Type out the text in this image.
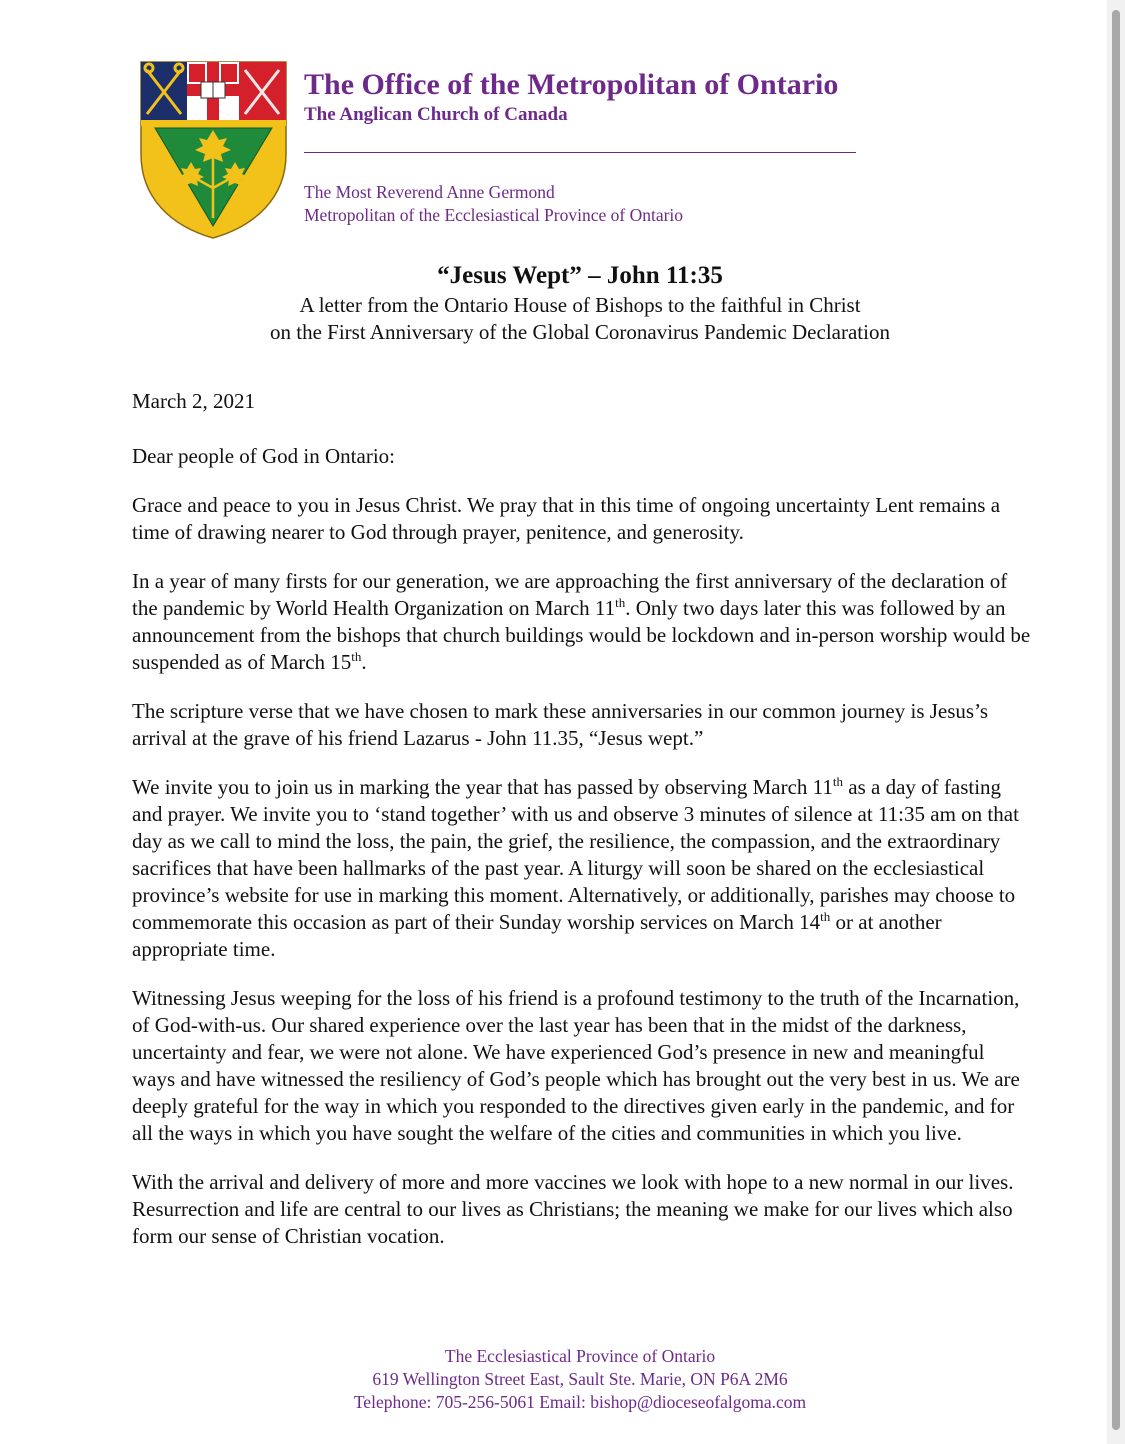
The Office of the Metropolitan of Ontario
The Anglican Church of Canada
The Most Reverend Anne Germond
Metropolitan of the Ecclesiastical Province of Ontario
“Jesus Wept” – John 11:35
A letter from the Ontario House of Bishops to the faithful in Christ
on the First Anniversary of the Global Coronavirus Pandemic Declaration

March 2, 2021

Dear people of God in Ontario:

Grace and peace to you in Jesus Christ. We pray that in this time of ongoing uncertainty Lent remains a time of drawing nearer to God through prayer, penitence, and generosity.

In a year of many firsts for our generation, we are approaching the first anniversary of the declaration of the pandemic by World Health Organization on March 11th. Only two days later this was followed by an announcement from the bishops that church buildings would be lockdown and in-person worship would be suspended as of March 15th.

The scripture verse that we have chosen to mark these anniversaries in our common journey is Jesus’s arrival at the grave of his friend Lazarus - John 11.35, “Jesus wept.”

We invite you to join us in marking the year that has passed by observing March 11th as a day of fasting and prayer. We invite you to ‘stand together’ with us and observe 3 minutes of silence at 11:35 am on that day as we call to mind the loss, the pain, the grief, the resilience, the compassion, and the extraordinary sacrifices that have been hallmarks of the past year. A liturgy will soon be shared on the ecclesiastical province’s website for use in marking this moment. Alternatively, or additionally, parishes may choose to commemorate this occasion as part of their Sunday worship services on March 14th or at another appropriate time.

Witnessing Jesus weeping for the loss of his friend is a profound testimony to the truth of the Incarnation, of God-with-us. Our shared experience over the last year has been that in the midst of the darkness, uncertainty and fear, we were not alone. We have experienced God’s presence in new and meaningful ways and have witnessed the resiliency of God’s people which has brought out the very best in us. We are deeply grateful for the way in which you responded to the directives given early in the pandemic, and for all the ways in which you have sought the welfare of the cities and communities in which you live.

With the arrival and delivery of more and more vaccines we look with hope to a new normal in our lives. Resurrection and life are central to our lives as Christians; the meaning we make for our lives which also form our sense of Christian vocation.

The Ecclesiastical Province of Ontario
619 Wellington Street East, Sault Ste. Marie, ON P6A 2M6
Telephone: 705-256-5061 Email: bishop@dioceseofalgoma.com
